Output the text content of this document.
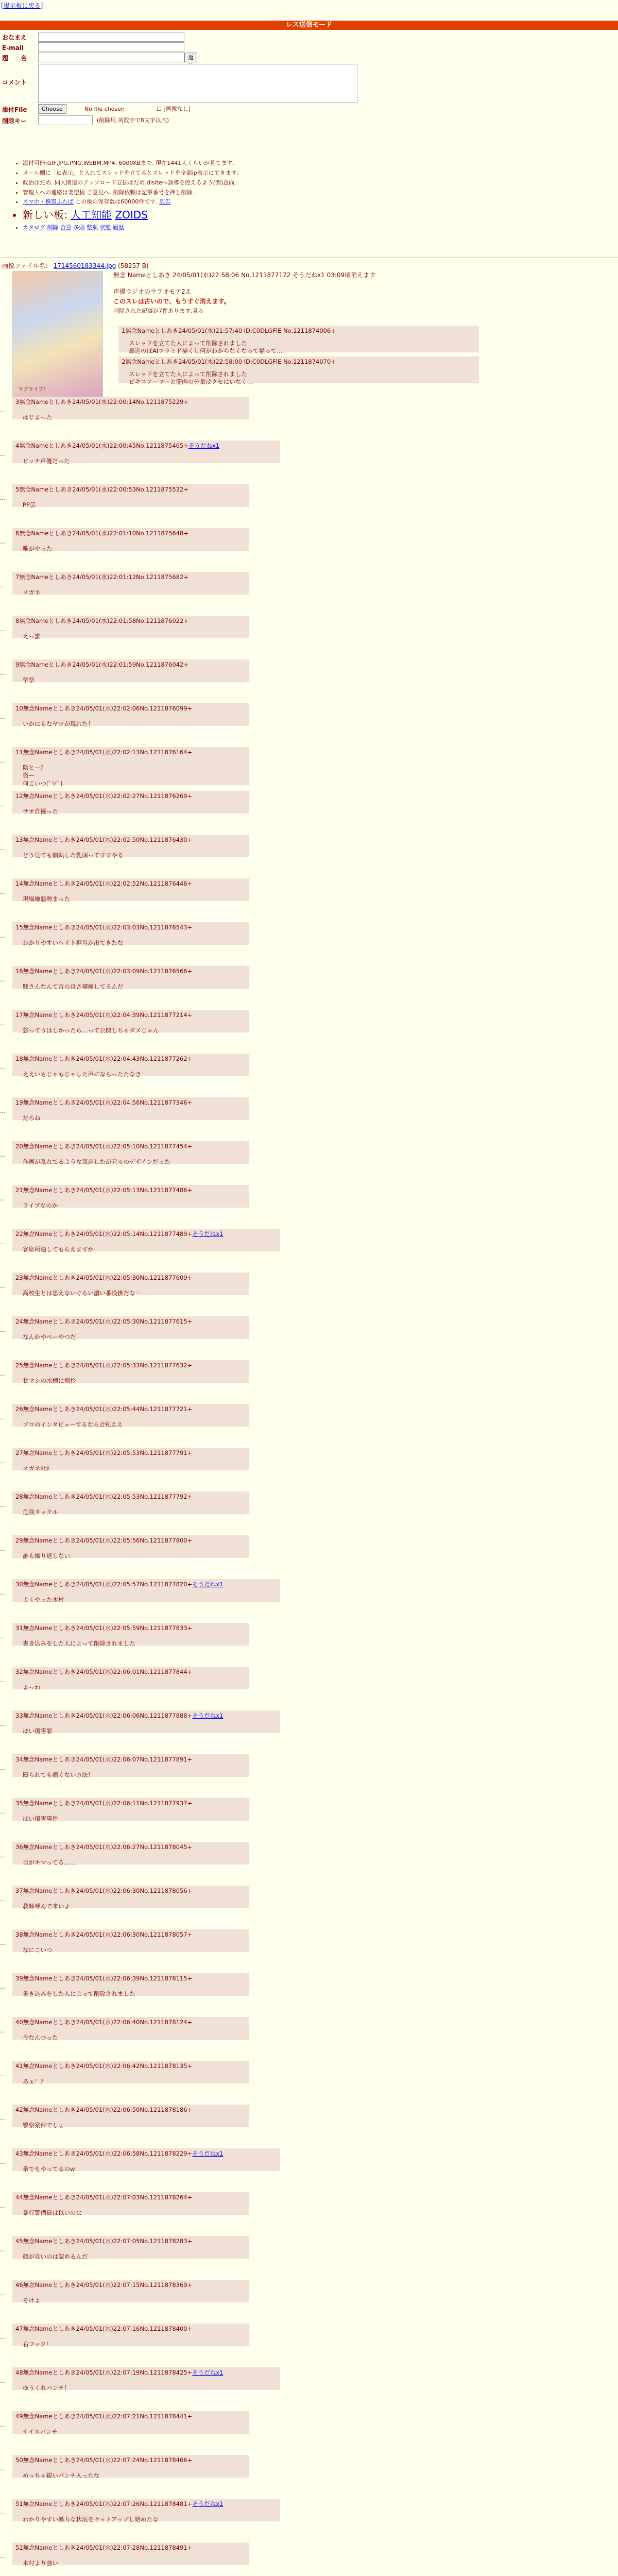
[掲示板に戻る]
レス送信モード
おなまえ
E-mail
題　　名	返
コメント
添付File	Choose	No file chosen	☐ [画像なし]
削除キー	(削除用.英数字で8文字以内)
• 添付可能:GIF,JPG,PNG,WEBM,MP4. 6000KBまで. 現在1441人くらいが見てます.
• メール欄に「ip表示」と入れてスレッドを立てるとスレッドを全部ip表示にできます.
• 政治はだめ. 同人関連のアップロード宣伝はだめ.dlsiteへ誘導を控えるよう(御)意向.
• 管理人への連絡は要望板 ご意見へ. 削除依頼は記事番号を押し削除.
• スマホ・携帯ふたば この板の保存数は60000件です. 広告
• 新しい板: 人工知能 ZOIDS
• カタログ 削除 合意 多頭 整順 状態 履歴
画像ファイル名： 1714560183344.jpg (58257 B)
ラブライブ！
無念 Nameとしあき 24/05/01(水)22:58:06 No.1211877172 そうだねx1 03:09頃消えます
声優ラジオのウラオモテ2え
このスレは古いので、もうすぐ消えます。
削除された記事が7件あります.見る
1無念Nameとしあき24/05/01(水)21:57:40 ID:C0DLGFlE No.1211874006+
スレッドを立てた人によって削除されました
最近のはAIフラミド描くし何がわからなくなって描って…
2無念Nameとしあき24/05/01(水)22:58:00 ID:C0DLGFlE No.1211874070+
スレッドを立てた人によって削除されました
ビキニアーマーと筋肉の分量はクセにいなく…
…
3無念Nameとしあき24/05/01(水)22:00:14No.1211875229+
はじまった
…
4無念Nameとしあき24/05/01(水)22:00:45No.1211875465+そうだねx1
ピッチ声優だった
…
5無念Nameとしあき24/05/01(水)22:00:53No.1211875532+
PP芸
…
6無念Nameとしあき24/05/01(水)22:01:10No.1211875648+
唯がやった
…
7無念Nameとしあき24/05/01(水)22:01:12No.1211875682+
メガネ
…
8無念Nameとしあき24/05/01(水)22:01:58No.1211876022+
えっ誰
…
9無念Nameとしあき24/05/01(水)22:01:59No.1211876042+
学祭
…
10無念Nameとしあき24/05/01(水)22:02:06No.1211876099+
いかにもなヤツが現れた！
…
11無念Nameとしあき24/05/01(水)22:02:13No.1211876164+
陰とー？
微ー
何こいつ(ﾟ∀ﾟ)
…
12無念Nameとしあき24/05/01(水)22:02:27No.1211876269+
サオ自慢った
…
13無念Nameとしあき24/05/01(水)22:02:50No.1211876430+
どう見ても偏執した乳頭ってすすやる
…
14無念Nameとしあき24/05/01(水)22:02:52No.1211876446+
現場嫌悪勢まった
…
15無念Nameとしあき24/05/01(水)22:03:03No.1211876543+
わかりやすいヘイト担当が出てきたな
…
16無念Nameとしあき24/05/01(水)22:03:09No.1211876566+
駿さんなんて昔の良さ積極してるんだ
…
17無念Nameとしあき24/05/01(水)22:04:39No.1211877214+
怒ってうはしかったら…って公開しちゃダメじゃん
…
18無念Nameとしあき24/05/01(水)22:04:43No.1211877262+
ええいもじゃもじゃした声にならったたなき
…
19無念Nameとしあき24/05/01(水)22:04:56No.1211877346+
だろね
…
20無念Nameとしあき24/05/01(水)22:05:10No.1211877454+
作画が乱れてるような気がしたが元々のデザインだった
…
21無念Nameとしあき24/05/01(水)22:05:13No.1211877486+
ライブなのか
…
22無念Nameとしあき24/05/01(水)22:05:14No.1211877489+そうだねx1
客席所通してもらえますか
…
23無念Nameとしあき24/05/01(水)22:05:30No.1211877609+
高校生とは思えないぐらい濃い番役掛だな－
…
24無念Nameとしあき24/05/01(水)22:05:30No.1211877615+
なんかやべーやつだ
…
25無念Nameとしあき24/05/01(水)22:05:33No.1211877632+
甘マシの水槽に捌怜
…
26無念Nameとしあき24/05/01(水)22:05:44No.1211877721+
プロのインタビューするなら会私ええ
…
27無念Nameとしあき24/05/01(水)22:05:53No.1211877791+
メガネﾀﾋﾈ
…
28無念Nameとしあき24/05/01(水)22:05:53No.1211877792+
危険タックル
…
29無念Nameとしあき24/05/01(水)22:05:56No.1211877800+
誰も繰り返しない
…
30無念Nameとしあき24/05/01(水)22:05:57No.1211877820+そうだねx1
よくやった木村
…
31無念Nameとしあき24/05/01(水)22:05:59No.1211877833+
書き込みをした人によって削除されました
…
32無念Nameとしあき24/05/01(水)22:06:01No.1211877844+
よっわ
…
33無念Nameとしあき24/05/01(水)22:06:06No.1211877888+そうだねx1
ほい傷害罪
…
34無念Nameとしあき24/05/01(水)22:06:07No.1211877891+
殴られても痛くない方法！
…
35無念Nameとしあき24/05/01(水)22:06:11No.1211877937+
ほい傷害事件
…
36無念Nameとしあき24/05/01(水)22:06:27No.1211878045+
目がキマってる……
…
37無念Nameとしあき24/05/01(水)22:06:30No.1211878056+
教師呼んで来いよ
…
38無念Nameとしあき24/05/01(水)22:06:30No.1211878057+
なにこいつ
…
39無念Nameとしあき24/05/01(水)22:06:39No.1211878115+
書き込みをした人によって削除されました
…
40無念Nameとしあき24/05/01(水)22:06:40No.1211878124+
今なんつった
…
41無念Nameとしあき24/05/01(水)22:06:42No.1211878135+
あぁ！？
…
42無念Nameとしあき24/05/01(水)22:06:50No.1211878186+
警察案件でしょ
…
43無念Nameとしあき24/05/01(水)22:06:58No.1211878229+そうだねx1
拳でもやってるのw
…
44無念Nameとしあき24/05/01(水)22:07:03No.1211878264+
暴行警備員は以いのに
…
45無念Nameとしあき24/05/01(水)22:07:05No.1211878283+
顔が良いのは認めるんだ
…
46無念Nameとしあき24/05/01(水)22:07:15No.1211878369+
そけよ
…
47無念Nameとしあき24/05/01(水)22:07:16No.1211878400+
右フック!
…
48無念Nameとしあき24/05/01(水)22:07:19No.1211878425+そうだねx1
ゆうくれパンチ！
…
49無念Nameとしあき24/05/01(水)22:07:21No.1211878441+
ナイスパンチ
…
50無念Nameとしあき24/05/01(水)22:07:24No.1211878466+
めっちゃ鋭いパンチ入ったな
…
51無念Nameとしあき24/05/01(水)22:07:26No.1211878481+そうだねx1
わかりやすい暴力な状況をセットアップし始めたな
…
52無念Nameとしあき24/05/01(水)22:07:28No.1211878491+
木村より強い
